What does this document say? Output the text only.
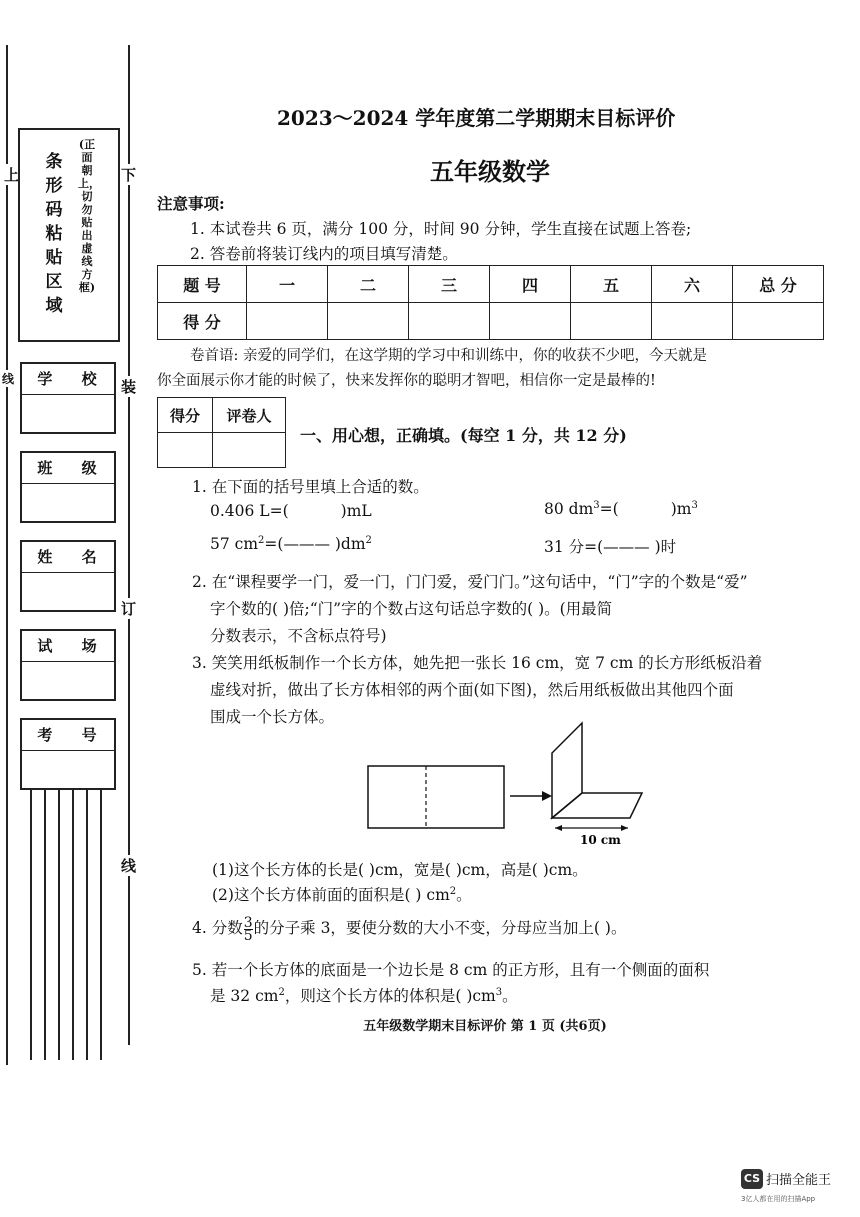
上	下
线	装
订
线
条形码粘贴区域
(正面朝上，切勿贴出虚线方框)
学 校
班 级
姓 名
试 场
考 号
2023～2024 学年度第二学期期末目标评价
五年级数学
注意事项:
1. 本试卷共 6 页，满分 100 分，时间 90 分钟，学生直接在试题上答卷;
2. 答卷前将装订线内的项目填写清楚。
题 号	一	二	三	四	五	六	总 分
得 分							
卷首语: 亲爱的同学们，在这学期的学习中和训练中，你的收获不少吧，今天就是
你全面展示你才能的时候了，快来发挥你的聪明才智吧，相信你一定是最棒的!
得分	评卷人

一、用心想，正确填。(每空 1 分，共 12 分)
1. 在下面的括号里填上合适的数。
0.406 L=(	)mL	80 $dm^3=$(	)$m^3$
57 $cm^2=(———$ )$dm^2$	31 分=(——— )时
2. 在“课程要学一门，爱一门，门门爱，爱门门。”这句话中，“门”字的个数是“爱”
字个数的( )倍;“门”字的个数占这句话总字数的( )。(用最简
分数表示，不含标点符号)
3. 笑笑用纸板制作一个长方体，她先把一张长 16 cm，宽 7 cm 的长方形纸板沿着
虚线对折，做出了长方体相邻的两个面(如下图)，然后用纸板做出其他四个面
围成一个长方体。
10 cm
(1)这个长方体的长是( )cm，宽是( )cm，高是( )cm。
(2)这个长方体前面的面积是( ) $cm^2$。
4. 分数 $\frac{3}{5}$ 的分子乘 3，要使分数的大小不变，分母应当加上( )。
5. 若一个长方体的底面是一个边长是 8 cm 的正方形，且有一个侧面的面积
是 32 $cm^2$，则这个长方体的体积是( )$cm^3$。
五年级数学期末目标评价 第 1 页 (共6页)
CS 扫描全能王
3亿人都在用的扫描App
